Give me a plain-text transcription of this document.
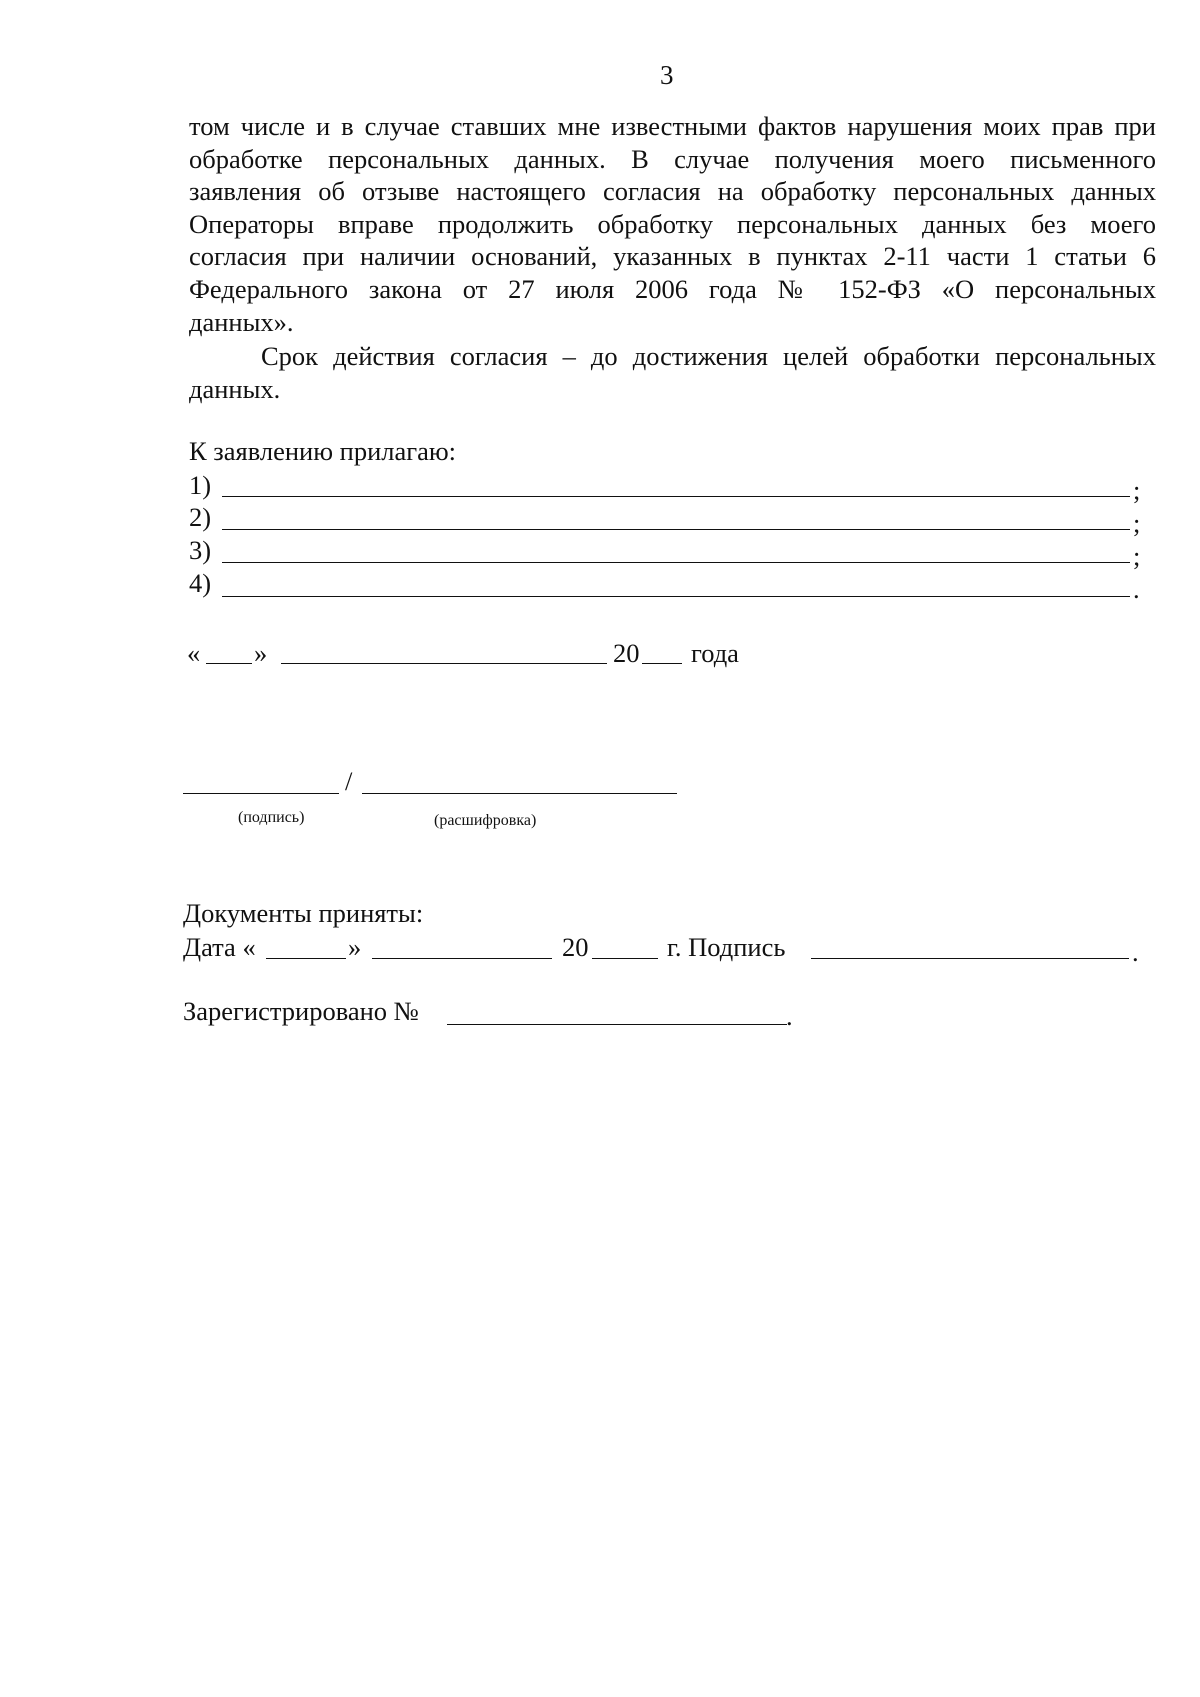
3

том числе и в случае ставших мне известными фактов нарушения моих прав при
обработке персональных данных. В случае получения моего письменного
заявления об отзыве настоящего согласия на обработку персональных данных
Операторы вправе продолжить обработку персональных данных без моего
согласия при наличии оснований, указанных в пунктах 2-11 части 1 статьи 6
Федерального закона от 27 июля 2006 года № 152-ФЗ «О персональных
данных».

Срок действия согласия – до достижения целей обработки персональных
данных.

К заявлению прилагаю:
1)	;
2)	;
3)	;
4)	.
« »	20 года
/
(подпись)	(расшифровка)
Документы приняты:
Дата «	»	20	г. Подпись	.
Зарегистрировано №	.
